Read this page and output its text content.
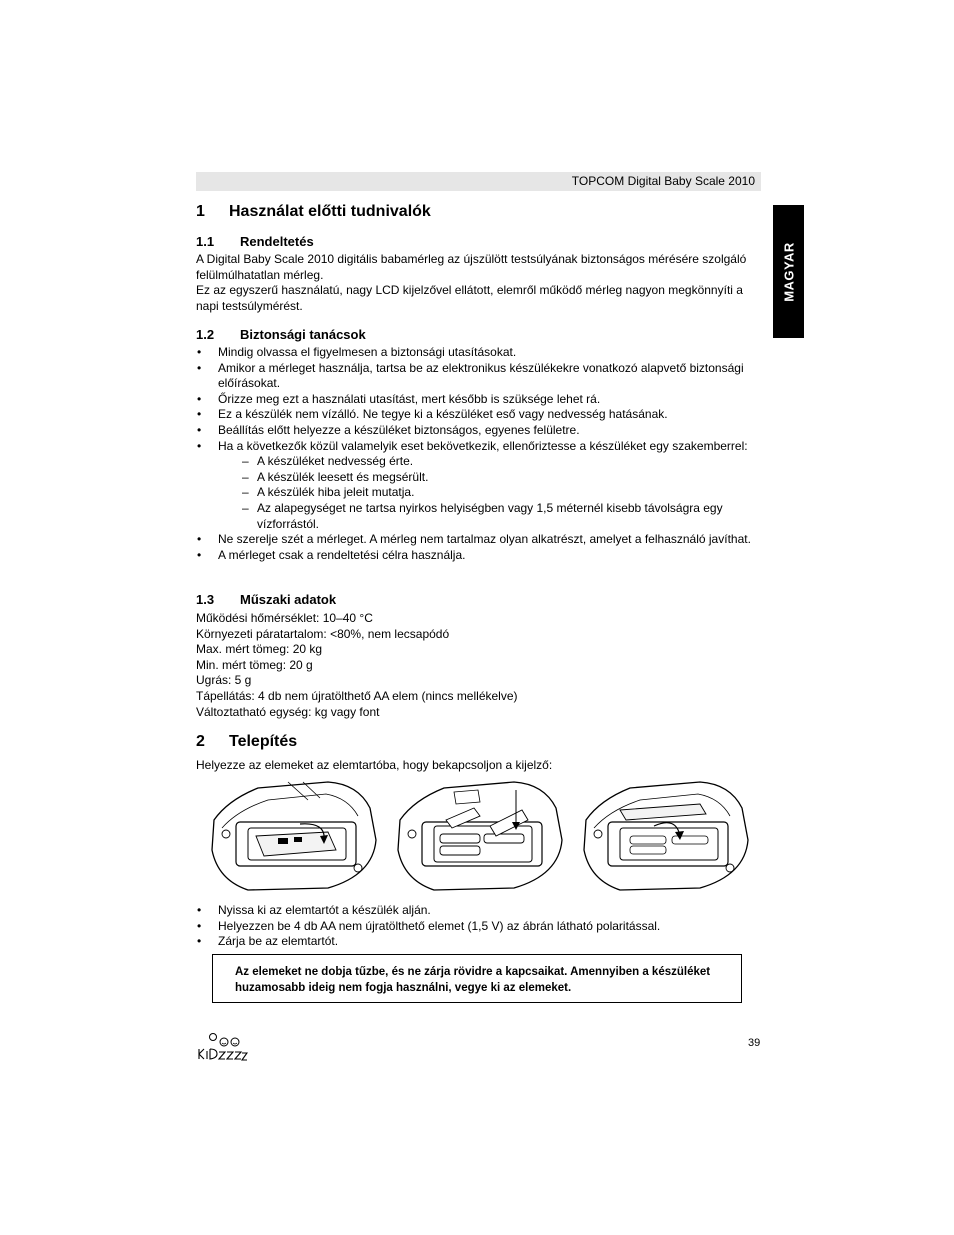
TOPCOM Digital Baby Scale 2010
MAGYAR
1 Használat előtti tudnivalók
1.1 Rendeltetés
A Digital Baby Scale 2010 digitális babamérleg az újszülött testsúlyának biztonságos mérésére szolgáló felülmúlhatatlan mérleg.
Ez az egyszerű használatú, nagy LCD kijelzővel ellátott, elemről működő mérleg nagyon megkönnyíti a napi testsúlymérést.
1.2 Biztonsági tanácsok
• Mindig olvassa el figyelmesen a biztonsági utasításokat.
• Amikor a mérleget használja, tartsa be az elektronikus készülékekre vonatkozó alapvető biztonsági előírásokat.
• Őrizze meg ezt a használati utasítást, mert később is szüksége lehet rá.
• Ez a készülék nem vízálló. Ne tegye ki a készüléket eső vagy nedvesség hatásának.
• Beállítás előtt helyezze a készüléket biztonságos, egyenes felületre.
• Ha a következők közül valamelyik eset bekövetkezik, ellenőriztesse a készüléket egy szakemberrel:
– A készüléket nedvesség érte.
– A készülék leesett és megsérült.
– A készülék hiba jeleit mutatja.
– Az alapegységet ne tartsa nyirkos helyiségben vagy 1,5 méternél kisebb távolságra egy vízforrástól.
• Ne szerelje szét a mérleget. A mérleg nem tartalmaz olyan alkatrészt, amelyet a felhasználó javíthat.
• A mérleget csak a rendeltetési célra használja.
1.3 Műszaki adatok
Működési hőmérséklet: 10–40 °C
Környezeti páratartalom: <80%, nem lecsapódó
Max. mért tömeg: 20 kg
Min. mért tömeg: 20 g
Ugrás: 5 g
Tápellátás: 4 db nem újratölthető AA elem (nincs mellékelve)
Változtatható egység: kg vagy font
2 Telepítés
Helyezze az elemeket az elemtartóba, hogy bekapcsoljon a kijelző:
• Nyissa ki az elemtartót a készülék alján.
• Helyezzen be 4 db AA nem újratölthető elemet (1,5 V) az ábrán látható polaritással.
• Zárja be az elemtartót.
Az elemeket ne dobja tűzbe, és ne zárja rövidre a kapcsaikat. Amennyiben a készüléket huzamosabb ideig nem fogja használni, vegye ki az elemeket.
39
